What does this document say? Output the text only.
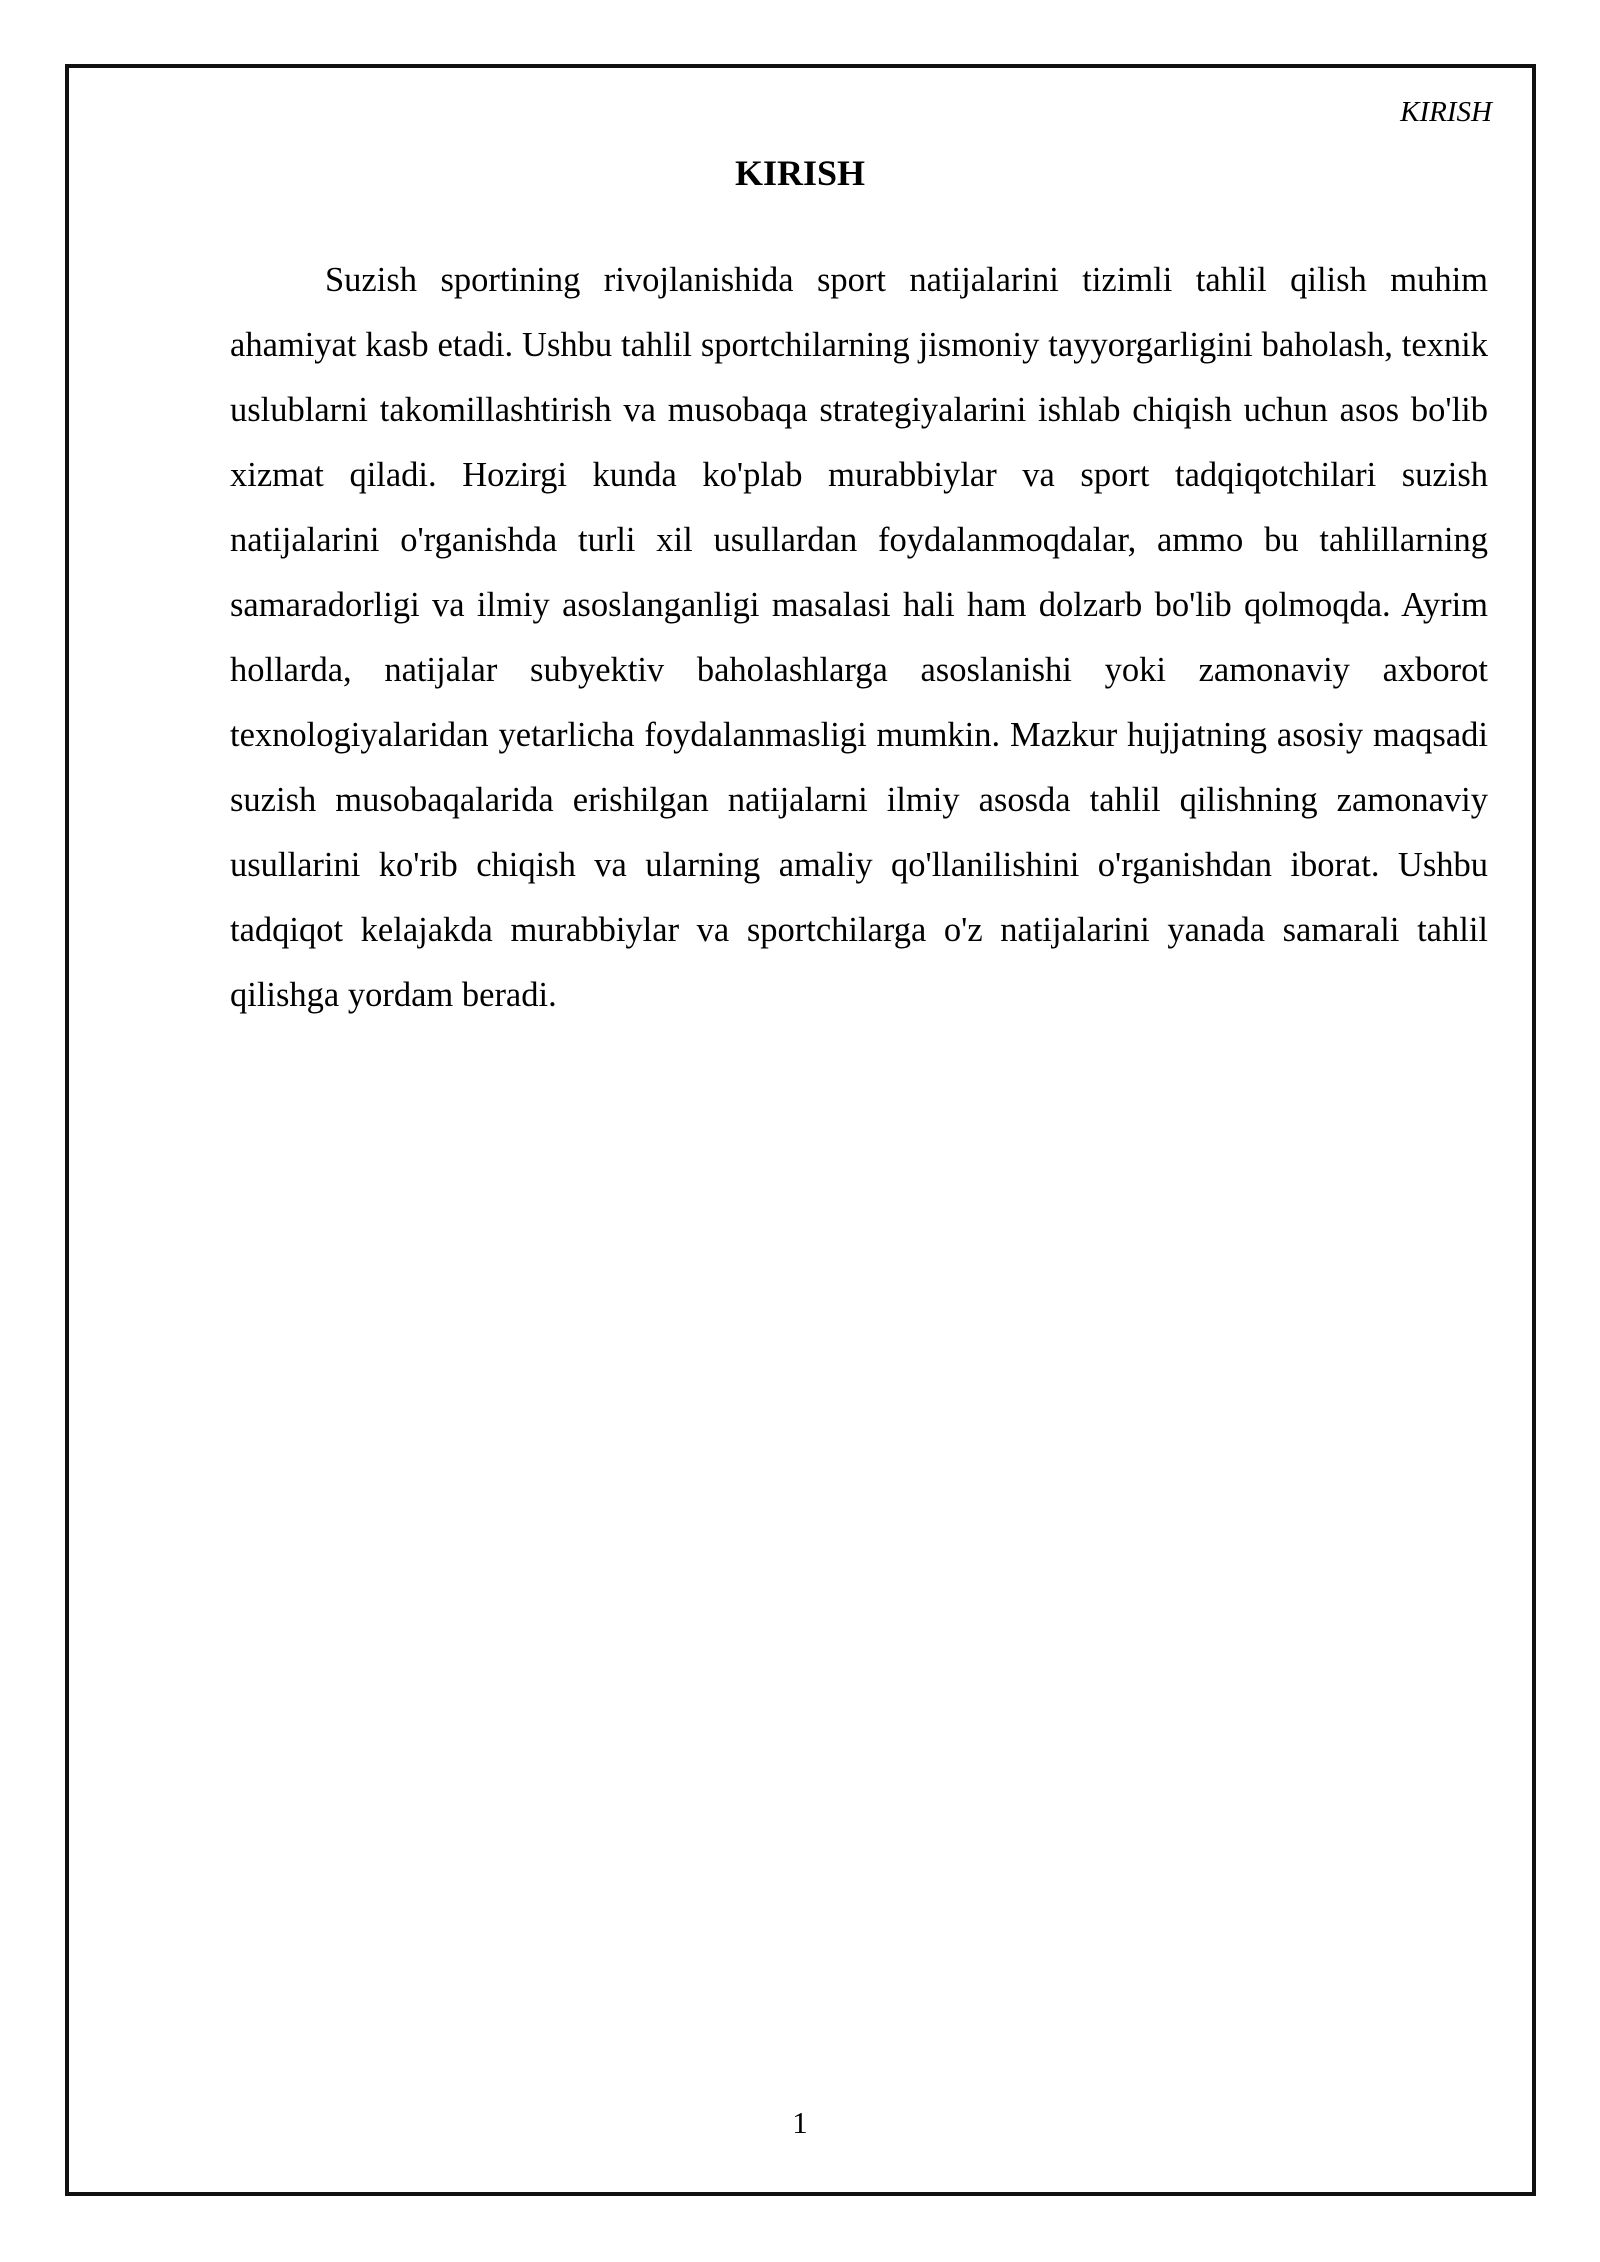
KIRISH
KIRISH

Suzish sportining rivojlanishida sport natijalarini tizimli tahlil qilish muhim ahamiyat kasb etadi. Ushbu tahlil sportchilarning jismoniy tayyorgarligini baholash, texnik uslublarni takomillashtirish va musobaqa strategiyalarini ishlab chiqish uchun asos bo'lib xizmat qiladi. Hozirgi kunda ko'plab murabbiylar va sport tadqiqotchilari suzish natijalarini o'rganishda turli xil usullardan foydalanmoqdalar, ammo bu tahlillarning samaradorligi va ilmiy asoslanganligi masalasi hali ham dolzarb bo'lib qolmoqda. Ayrim hollarda, natijalar subyektiv baholashlarga asoslanishi yoki zamonaviy axborot texnologiyalaridan yetarlicha foydalanmasligi mumkin. Mazkur hujjatning asosiy maqsadi suzish musobaqalarida erishilgan natijalarni ilmiy asosda tahlil qilishning zamonaviy usullarini ko'rib chiqish va ularning amaliy qo'llanilishini o'rganishdan iborat. Ushbu tadqiqot kelajakda murabbiylar va sportchilarga o'z natijalarini yanada samarali tahlil qilishga yordam beradi.

1
